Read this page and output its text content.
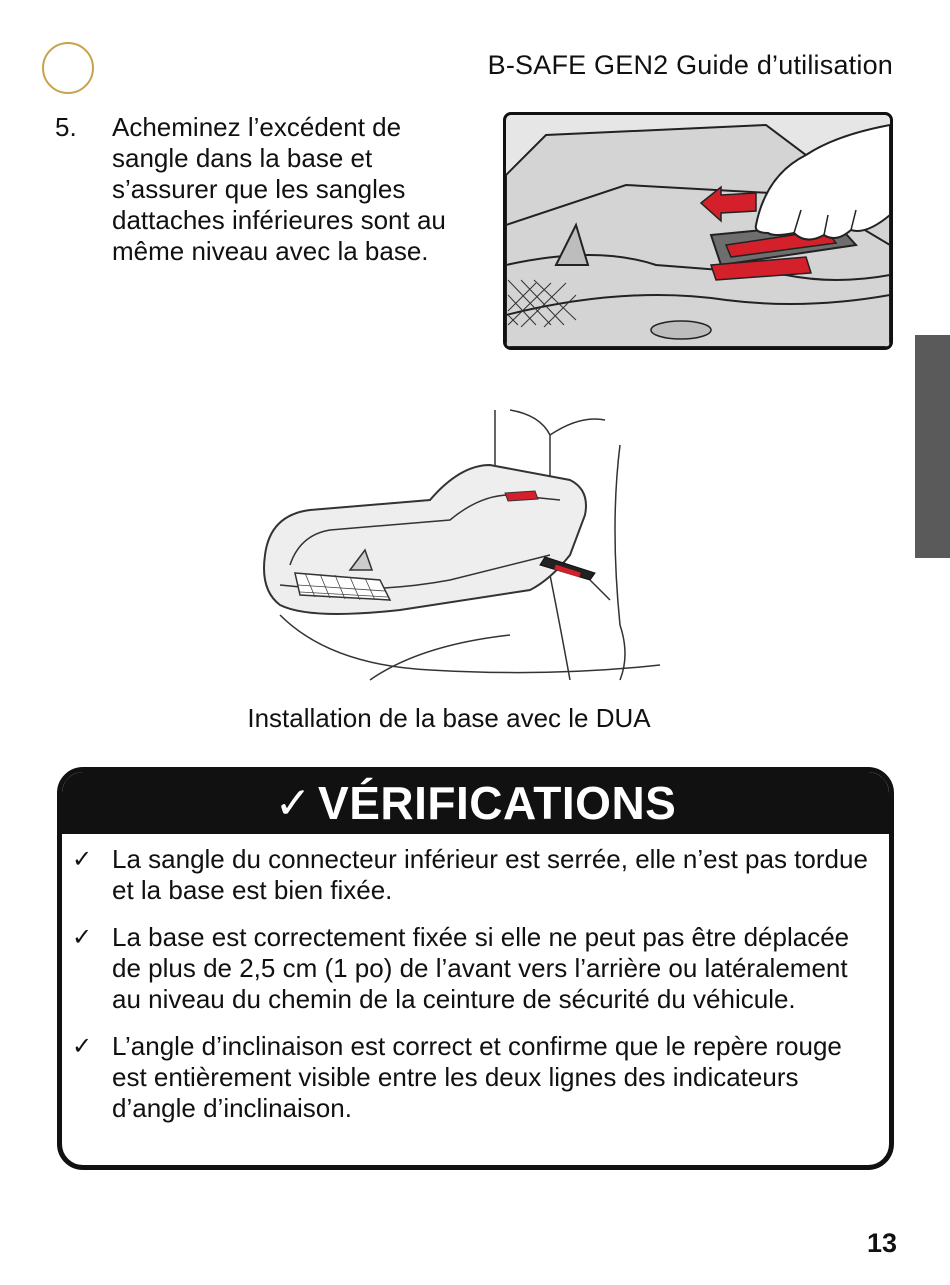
B-SAFE GEN2 Guide d’utilisation
5. Acheminez l’excédent de sangle dans la base et s’assurer que les sangles dattaches inférieures sont au même niveau avec la base.
Installation de la base avec le DUA
✓ VÉRIFICATIONS
✓ La sangle du connecteur inférieur est serrée, elle n’est pas tordue et la base est bien fixée.
✓ La base est correctement fixée si elle ne peut pas être déplacée de plus de 2,5 cm (1 po) de l’avant vers l’arrière ou latéralement au niveau du chemin de la ceinture de sécurité du véhicule.
✓ L’angle d’inclinaison est correct et confirme que le repère rouge est entièrement visible entre les deux lignes des indicateurs d’angle d’inclinaison.
13
